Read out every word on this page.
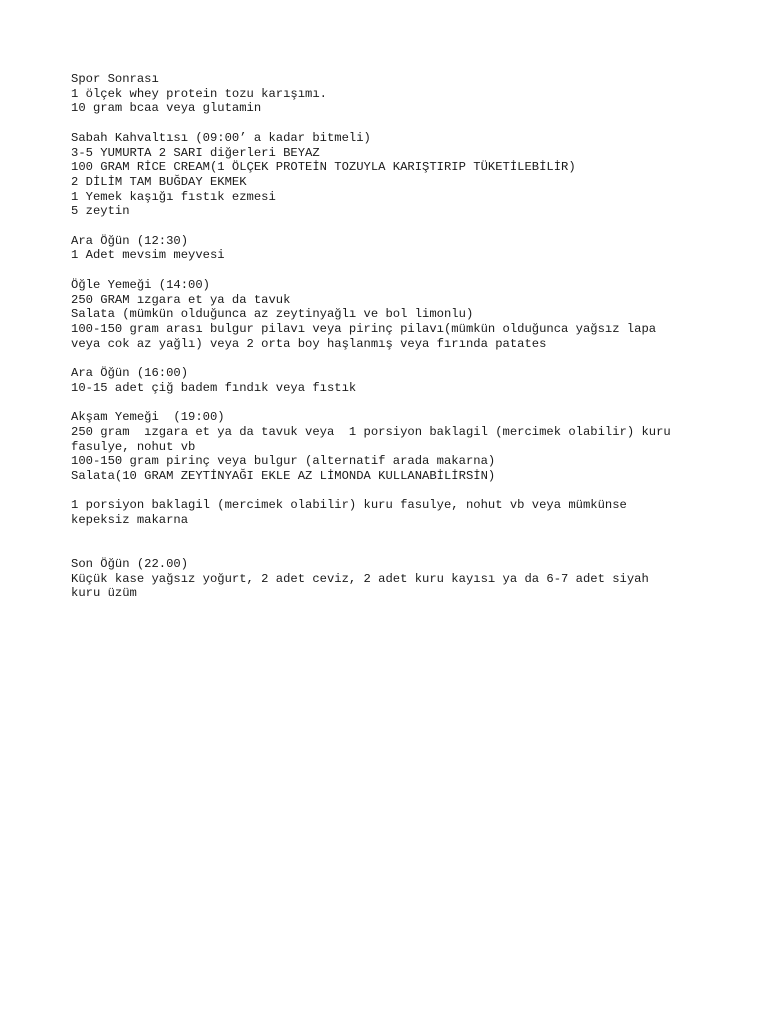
Spor Sonrası
1 ölçek whey protein tozu karışımı.
10 gram bcaa veya glutamin
Sabah Kahvaltısı (09:00’ a kadar bitmeli)
3-5 YUMURTA 2 SARI diğerleri BEYAZ
100 GRAM RİCE CREAM(1 ÖLÇEK PROTEİN TOZUYLA KARIŞTIRIP TÜKETİLEBİLİR)
2 DİLİM TAM BUĞDAY EKMEK
1 Yemek kaşığı fıstık ezmesi
5 zeytin
Ara Öğün (12:30)
1 Adet mevsim meyvesi
Öğle Yemeği (14:00)
250 GRAM ızgara et ya da tavuk
Salata (mümkün olduğunca az zeytinyağlı ve bol limonlu)
100-150 gram arası bulgur pilavı veya pirinç pilavı(mümkün olduğunca yağsız lapa
veya cok az yağlı) veya 2 orta boy haşlanmış veya fırında patates
Ara Öğün (16:00)
10-15 adet çiğ badem fındık veya fıstık
Akşam Yemeği  (19:00)
250 gram  ızgara et ya da tavuk veya  1 porsiyon baklagil (mercimek olabilir) kuru
fasulye, nohut vb
100-150 gram pirinç veya bulgur (alternatif arada makarna)
Salata(10 GRAM ZEYTİNYAĞI EKLE AZ LİMONDA KULLANABİLİRSİN)
1 porsiyon baklagil (mercimek olabilir) kuru fasulye, nohut vb veya mümkünse
kepeksiz makarna
Son Öğün (22.00)
Küçük kase yağsız yoğurt, 2 adet ceviz, 2 adet kuru kayısı ya da 6-7 adet siyah
kuru üzüm
